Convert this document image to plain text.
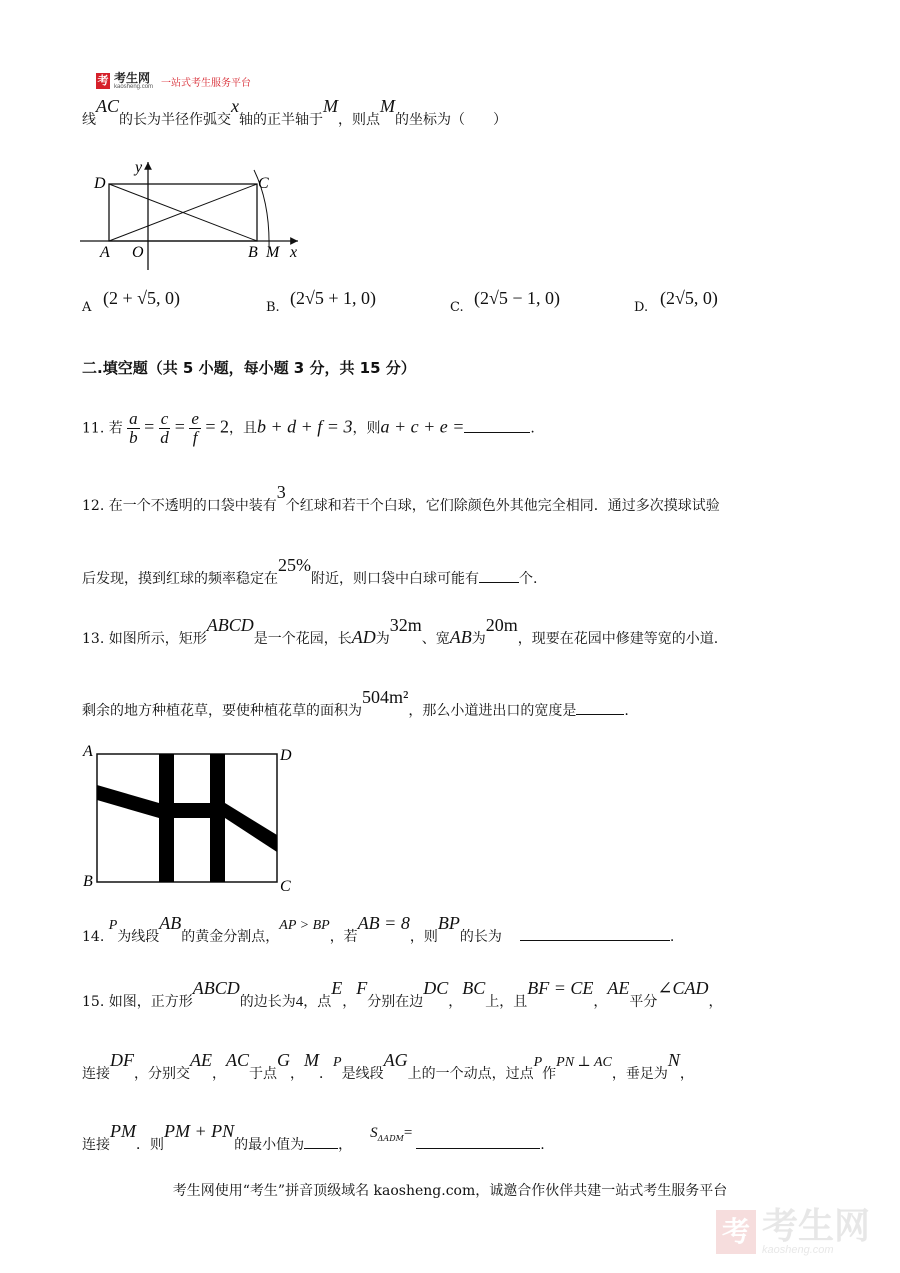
考 考生网
kaosheng.com 一站式考生服务平台
线AC的长为半径作弧交x轴的正半轴于M，则点M的坐标为（　　）
D	C
A O	B M x
y
A (2 + √5, 0)	B. (2√5 + 1, 0)	C. (2√5 − 1, 0)	D. (2√5, 0)
二.填空题（共 5 小题，每小题 3 分，共 15 分）
11. 若 $\frac{a}{b} = \frac{c}{d} = \frac{e}{f} = 2$，且b + d + f = 3，则a + c + e =	.
12. 在一个不透明的口袋中装有3个红球和若干个白球，它们除颜色外其他完全相同．通过多次摸球试验
后发现，摸到红球的频率稳定在25%附近，则口袋中白球可能有	个.
13. 如图所示，矩形ABCD是一个花园，长AD为32m、宽AB为20m，现要在花园中修建等宽的小道.
剩余的地方种植花草，要使种植花草的面积为504m²，那么小道进出口的宽度是	.
A	D
B	C
14. P为线段AB的黄金分割点，AP > BP，若AB = 8，则BP的长为	.
15. 如图，正方形ABCD的边长为4，点E，F分别在边DC，BC上，且BF = CE，AE平分∠CAD，
连接DF，分别交AE，AC于点G，M．P是线段AG上的一个动点，过点P作PN ⊥ AC，垂足为N，
连接PM．则PM + PN的最小值为 ，$S^{\Delta ADM}=$.
考生网使用“考生”拼音顶级域名 kaosheng.com，诚邀合作伙伴共建一站式考生服务平台
考 考生网
kaosheng.com
